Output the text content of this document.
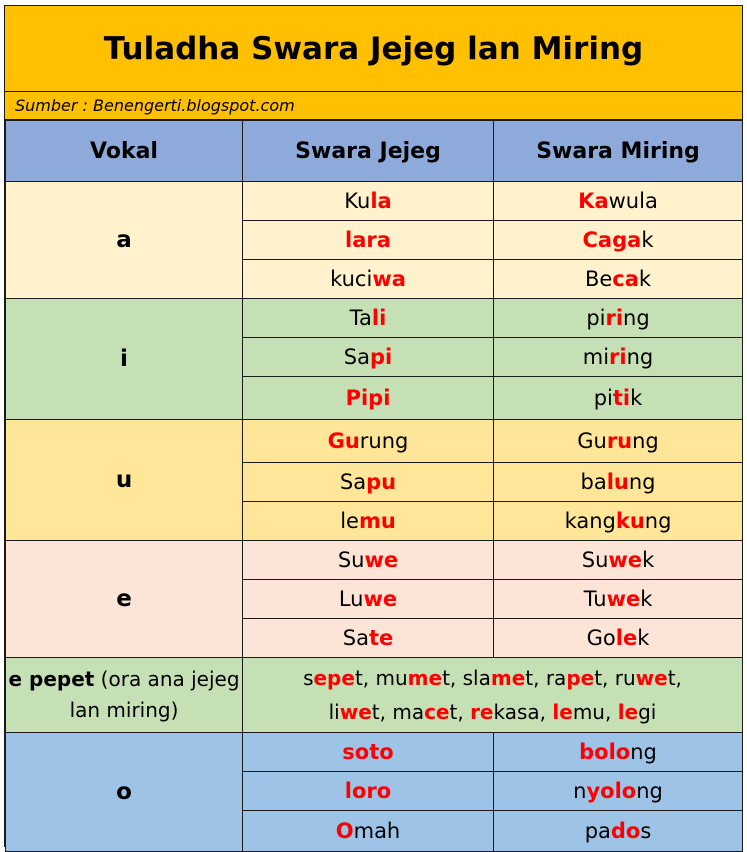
Tuladha Swara Jejeg lan Miring
Sumber : Benengerti.blogspot.com
Vokal	Swara Jejeg	Swara Miring
a	Kula	Kawula
	lara	Cagak
	kuciwa	Becak
i	Tali	piring
	Sapi	miring
	Pipi	pitik
u	Gurung	Gurung
	Sapu	balung
	lemu	kangkung
e	Suwe	Suwek
	Luwe	Tuwek
	Sate	Golek
e pepet (ora ana jejeg lan miring)	sepet, mumet, slamet, rapet, ruwet,
liwet, macet, rekasa, lemu, legi	

o	soto	bolong
	loro	nyolong
	Omah	pados
